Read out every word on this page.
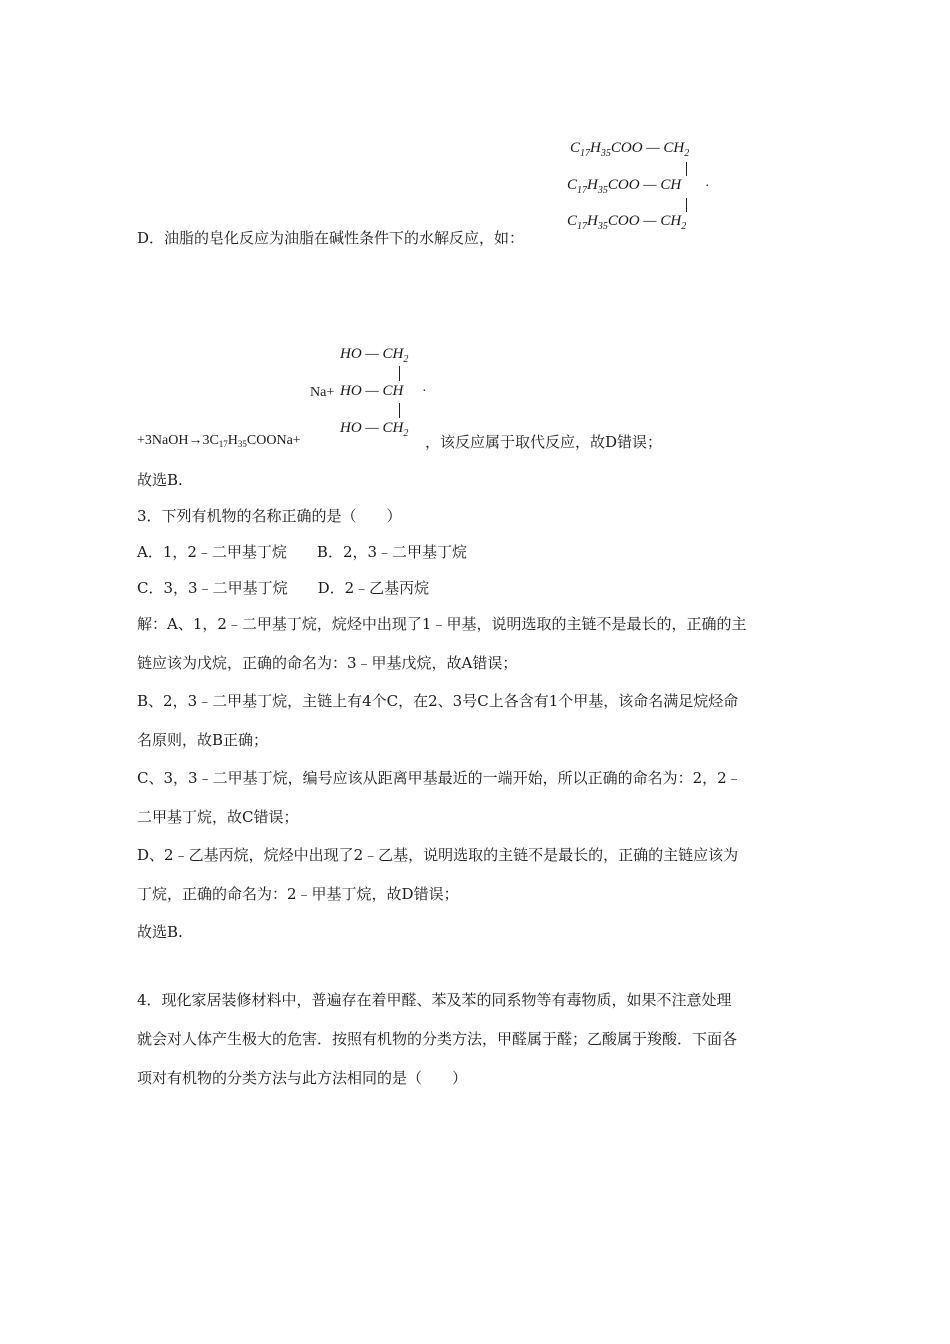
$C_{17}H_{35}COO$ — $CH_2$
$C_{17}H_{35}COO$ — CH ·
$C_{17}H_{35}COO$ — $CH_2$
D．油脂的皂化反应为油脂在碱性条件下的水解反应，如：
HO — $CH_2$
Na+ HO — CH ·
HO — $CH_2$
$+3NaOH\to 3C_{17}H_{35}COONa+$	，该反应属于取代反应，故D错误；
故选B.
3．下列有机物的名称正确的是（　　）
A．1，2﹣二甲基丁烷　　B．2，3﹣二甲基丁烷
C．3，3﹣二甲基丁烷　　D．2﹣乙基丙烷
解：A、1，2﹣二甲基丁烷，烷烃中出现了1﹣甲基，说明选取的主链不是最长的，正确的主
链应该为戊烷，正确的命名为：3﹣甲基戊烷，故A错误；
B、2，3﹣二甲基丁烷，主链上有4个C，在2、3号C上各含有1个甲基，该命名满足烷烃命
名原则，故B正确；
C、3，3﹣二甲基丁烷，编号应该从距离甲基最近的一端开始，所以正确的命名为：2，2﹣
二甲基丁烷，故C错误；
D、2﹣乙基丙烷，烷烃中出现了2﹣乙基，说明选取的主链不是最长的，正确的主链应该为
丁烷，正确的命名为：2﹣甲基丁烷，故D错误；
故选B.
4．现化家居装修材料中，普遍存在着甲醛、苯及苯的同系物等有毒物质，如果不注意处理
就会对人体产生极大的危害．按照有机物的分类方法，甲醛属于醛；乙酸属于羧酸．下面各
项对有机物的分类方法与此方法相同的是（　　）
